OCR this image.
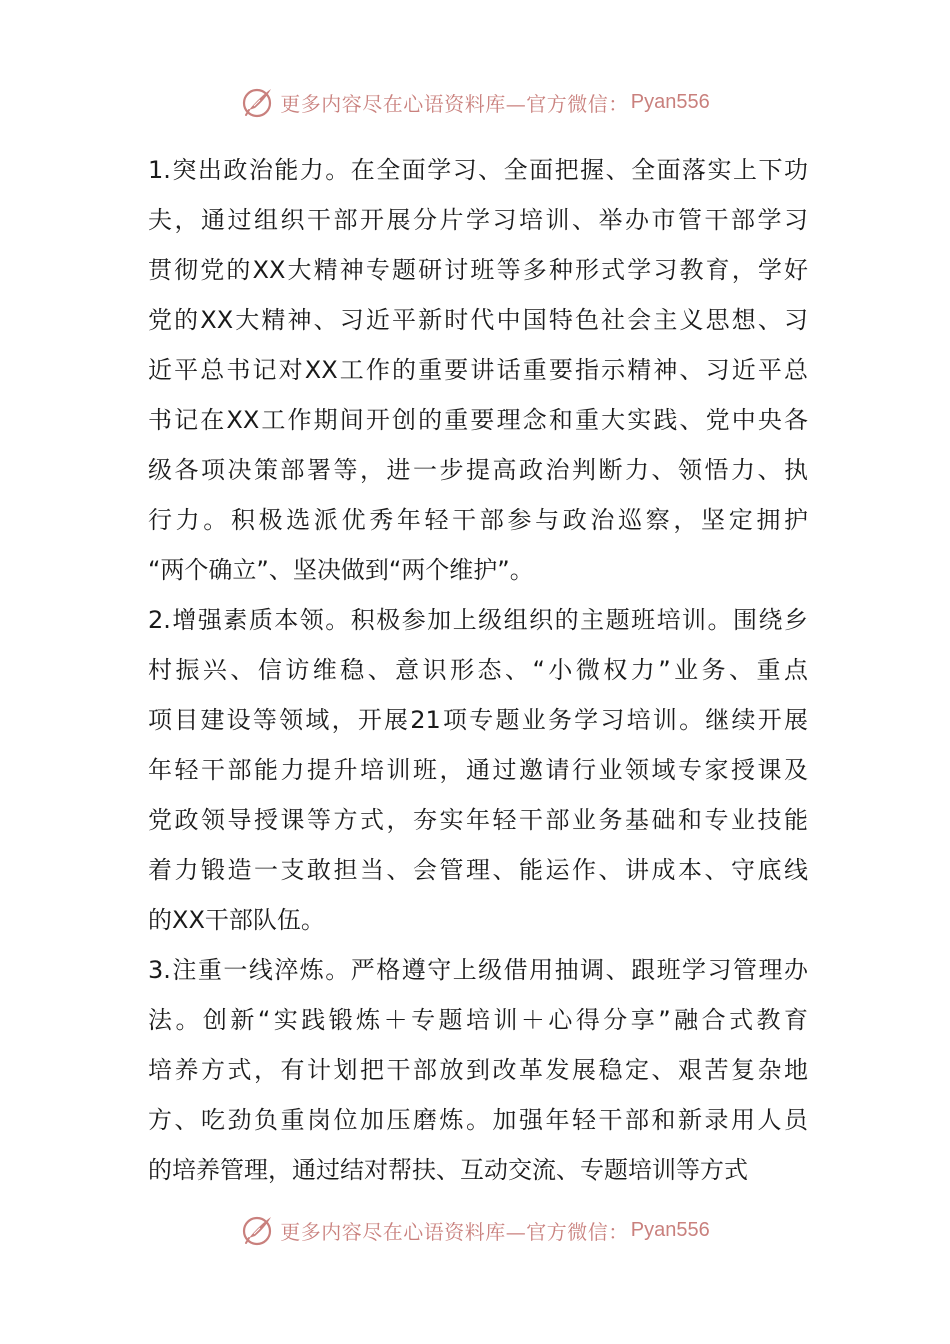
更多内容尽在心语资料库—官方微信： Pyan556
1.突出政治能力。在全面学习、全面把握、全面落实上下功
夫，通过组织干部开展分片学习培训、举办市管干部学习
贯彻党的XX大精神专题研讨班等多种形式学习教育，学好
党的XX大精神、习近平新时代中国特色社会主义思想、习
近平总书记对XX工作的重要讲话重要指示精神、习近平总
书记在XX工作期间开创的重要理念和重大实践、党中央各
级各项决策部署等，进一步提高政治判断力、领悟力、执
行力。积极选派优秀年轻干部参与政治巡察，坚定拥护
“两个确立”、坚决做到“两个维护”。
2.增强素质本领。积极参加上级组织的主题班培训。围绕乡
村振兴、信访维稳、意识形态、“小微权力”业务、重点
项目建设等领域，开展21项专题业务学习培训。继续开展
年轻干部能力提升培训班，通过邀请行业领域专家授课及
党政领导授课等方式，夯实年轻干部业务基础和专业技能
着力锻造一支敢担当、会管理、能运作、讲成本、守底线
的XX干部队伍。
3.注重一线淬炼。严格遵守上级借用抽调、跟班学习管理办
法。创新“实践锻炼＋专题培训＋心得分享”融合式教育
培养方式，有计划把干部放到改革发展稳定、艰苦复杂地
方、吃劲负重岗位加压磨炼。加强年轻干部和新录用人员
的培养管理，通过结对帮扶、互动交流、专题培训等方式
更多内容尽在心语资料库—官方微信： Pyan556
